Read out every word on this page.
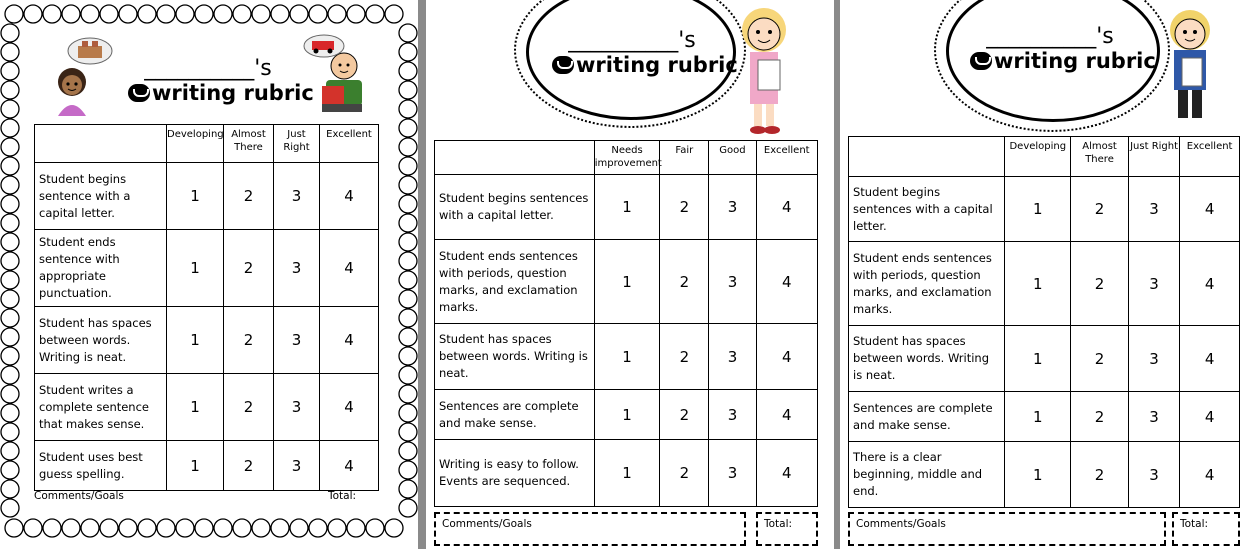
__________'s
writing rubric
	Developing	Almost There	Just Right	Excellent
Student begins sentence with a capital letter.	1	2	3	4
Student ends sentence with appropriate punctuation.	1	2	3	4
Student has spaces between words. Writing is neat.	1	2	3	4
Student writes a complete sentence that makes sense.	1	2	3	4
Student uses best guess spelling.	1	2	3	4
Comments/Goals	Total:
__________'s
writing rubric
	Needs improvement	Fair	Good	Excellent
Student begins sentences with a capital letter.	1	2	3	4
Student ends sentences with periods, question marks, and exclamation marks.	1	2	3	4
Student has spaces between words. Writing is neat.	1	2	3	4
Sentences are complete and make sense.	1	2	3	4
Writing is easy to follow. Events are sequenced.	1	2	3	4
Comments/Goals	Total:
__________'s
writing rubric
	Developing	Almost There	Just Right	Excellent
Student begins sentences with a capital letter.	1	2	3	4
Student ends sentences with periods, question marks, and exclamation marks.	1	2	3	4
Student has spaces between words. Writing is neat.	1	2	3	4
Sentences are complete and make sense.	1	2	3	4
There is a clear beginning, middle and end.	1	2	3	4
Comments/Goals	Total:
